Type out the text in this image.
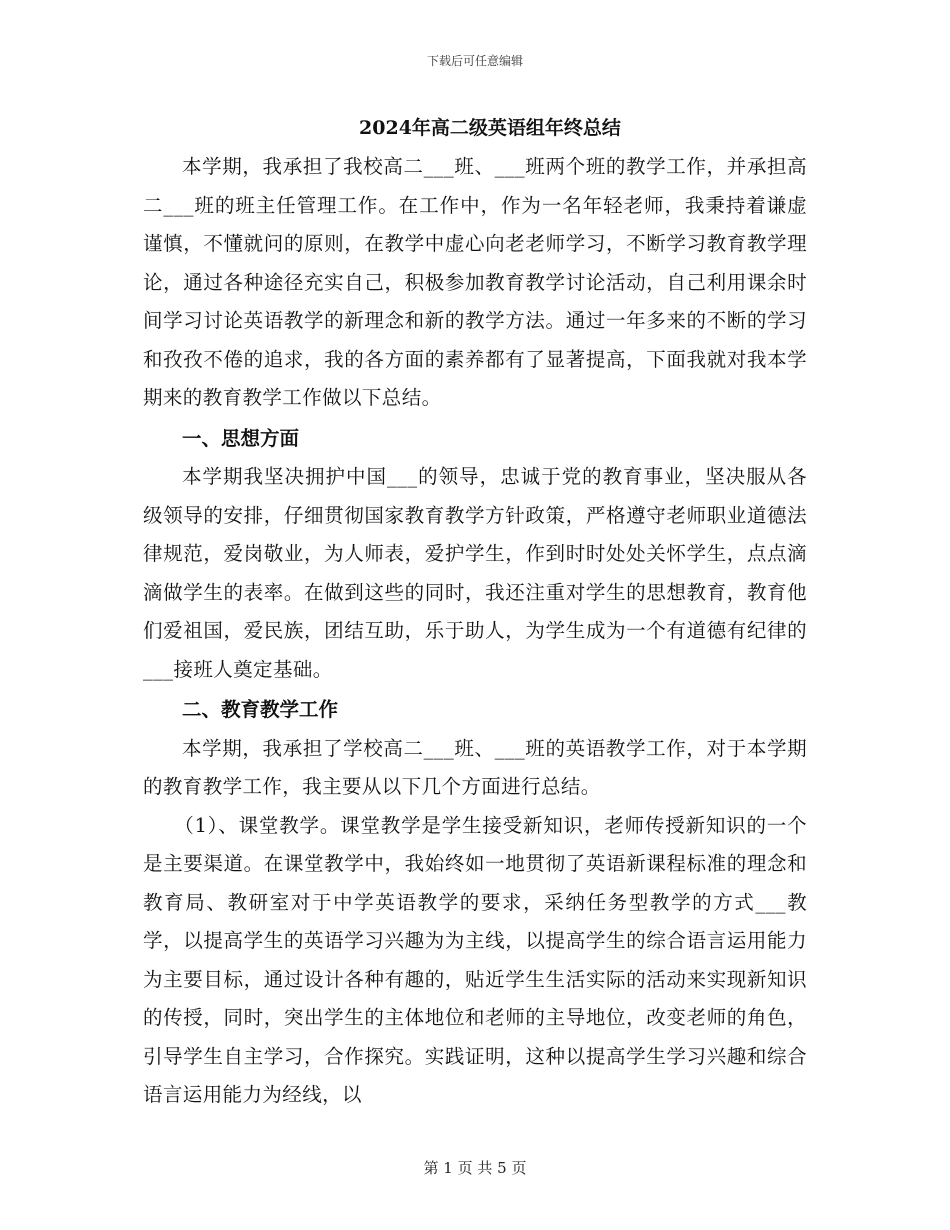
下载后可任意编辑
2024年高二级英语组年终总结

本学期，我承担了我校高二___班、___班两个班的教学工作，并承担高二___班的班主任管理工作。在工作中，作为一名年轻老师，我秉持着谦虚谨慎，不懂就问的原则，在教学中虚心向老老师学习，不断学习教育教学理论，通过各种途径充实自己，积极参加教育教学讨论活动，自己利用课余时间学习讨论英语教学的新理念和新的教学方法。通过一年多来的不断的学习和孜孜不倦的追求，我的各方面的素养都有了显著提高，下面我就对我本学期来的教育教学工作做以下总结。

一、思想方面

本学期我坚决拥护中国___的领导，忠诚于党的教育事业，坚决服从各级领导的安排，仔细贯彻国家教育教学方针政策，严格遵守老师职业道德法律规范，爱岗敬业，为人师表，爱护学生，作到时时处处关怀学生，点点滴滴做学生的表率。在做到这些的同时，我还注重对学生的思想教育，教育他们爱祖国，爱民族，团结互助，乐于助人，为学生成为一个有道德有纪律的___接班人奠定基础。

二、教育教学工作

本学期，我承担了学校高二___班、___班的英语教学工作，对于本学期的教育教学工作，我主要从以下几个方面进行总结。

（1）、课堂教学。课堂教学是学生接受新知识，老师传授新知识的一个是主要渠道。在课堂教学中，我始终如一地贯彻了英语新课程标准的理念和教育局、教研室对于中学英语教学的要求，采纳任务型教学的方式___教学，以提高学生的英语学习兴趣为为主线，以提高学生的综合语言运用能力为主要目标，通过设计各种有趣的，贴近学生生活实际的活动来实现新知识的传授，同时，突出学生的主体地位和老师的主导地位，改变老师的角色，引导学生自主学习，合作探究。实践证明，这种以提高学生学习兴趣和综合语言运用能力为经线，以

第 1 页 共 5 页
